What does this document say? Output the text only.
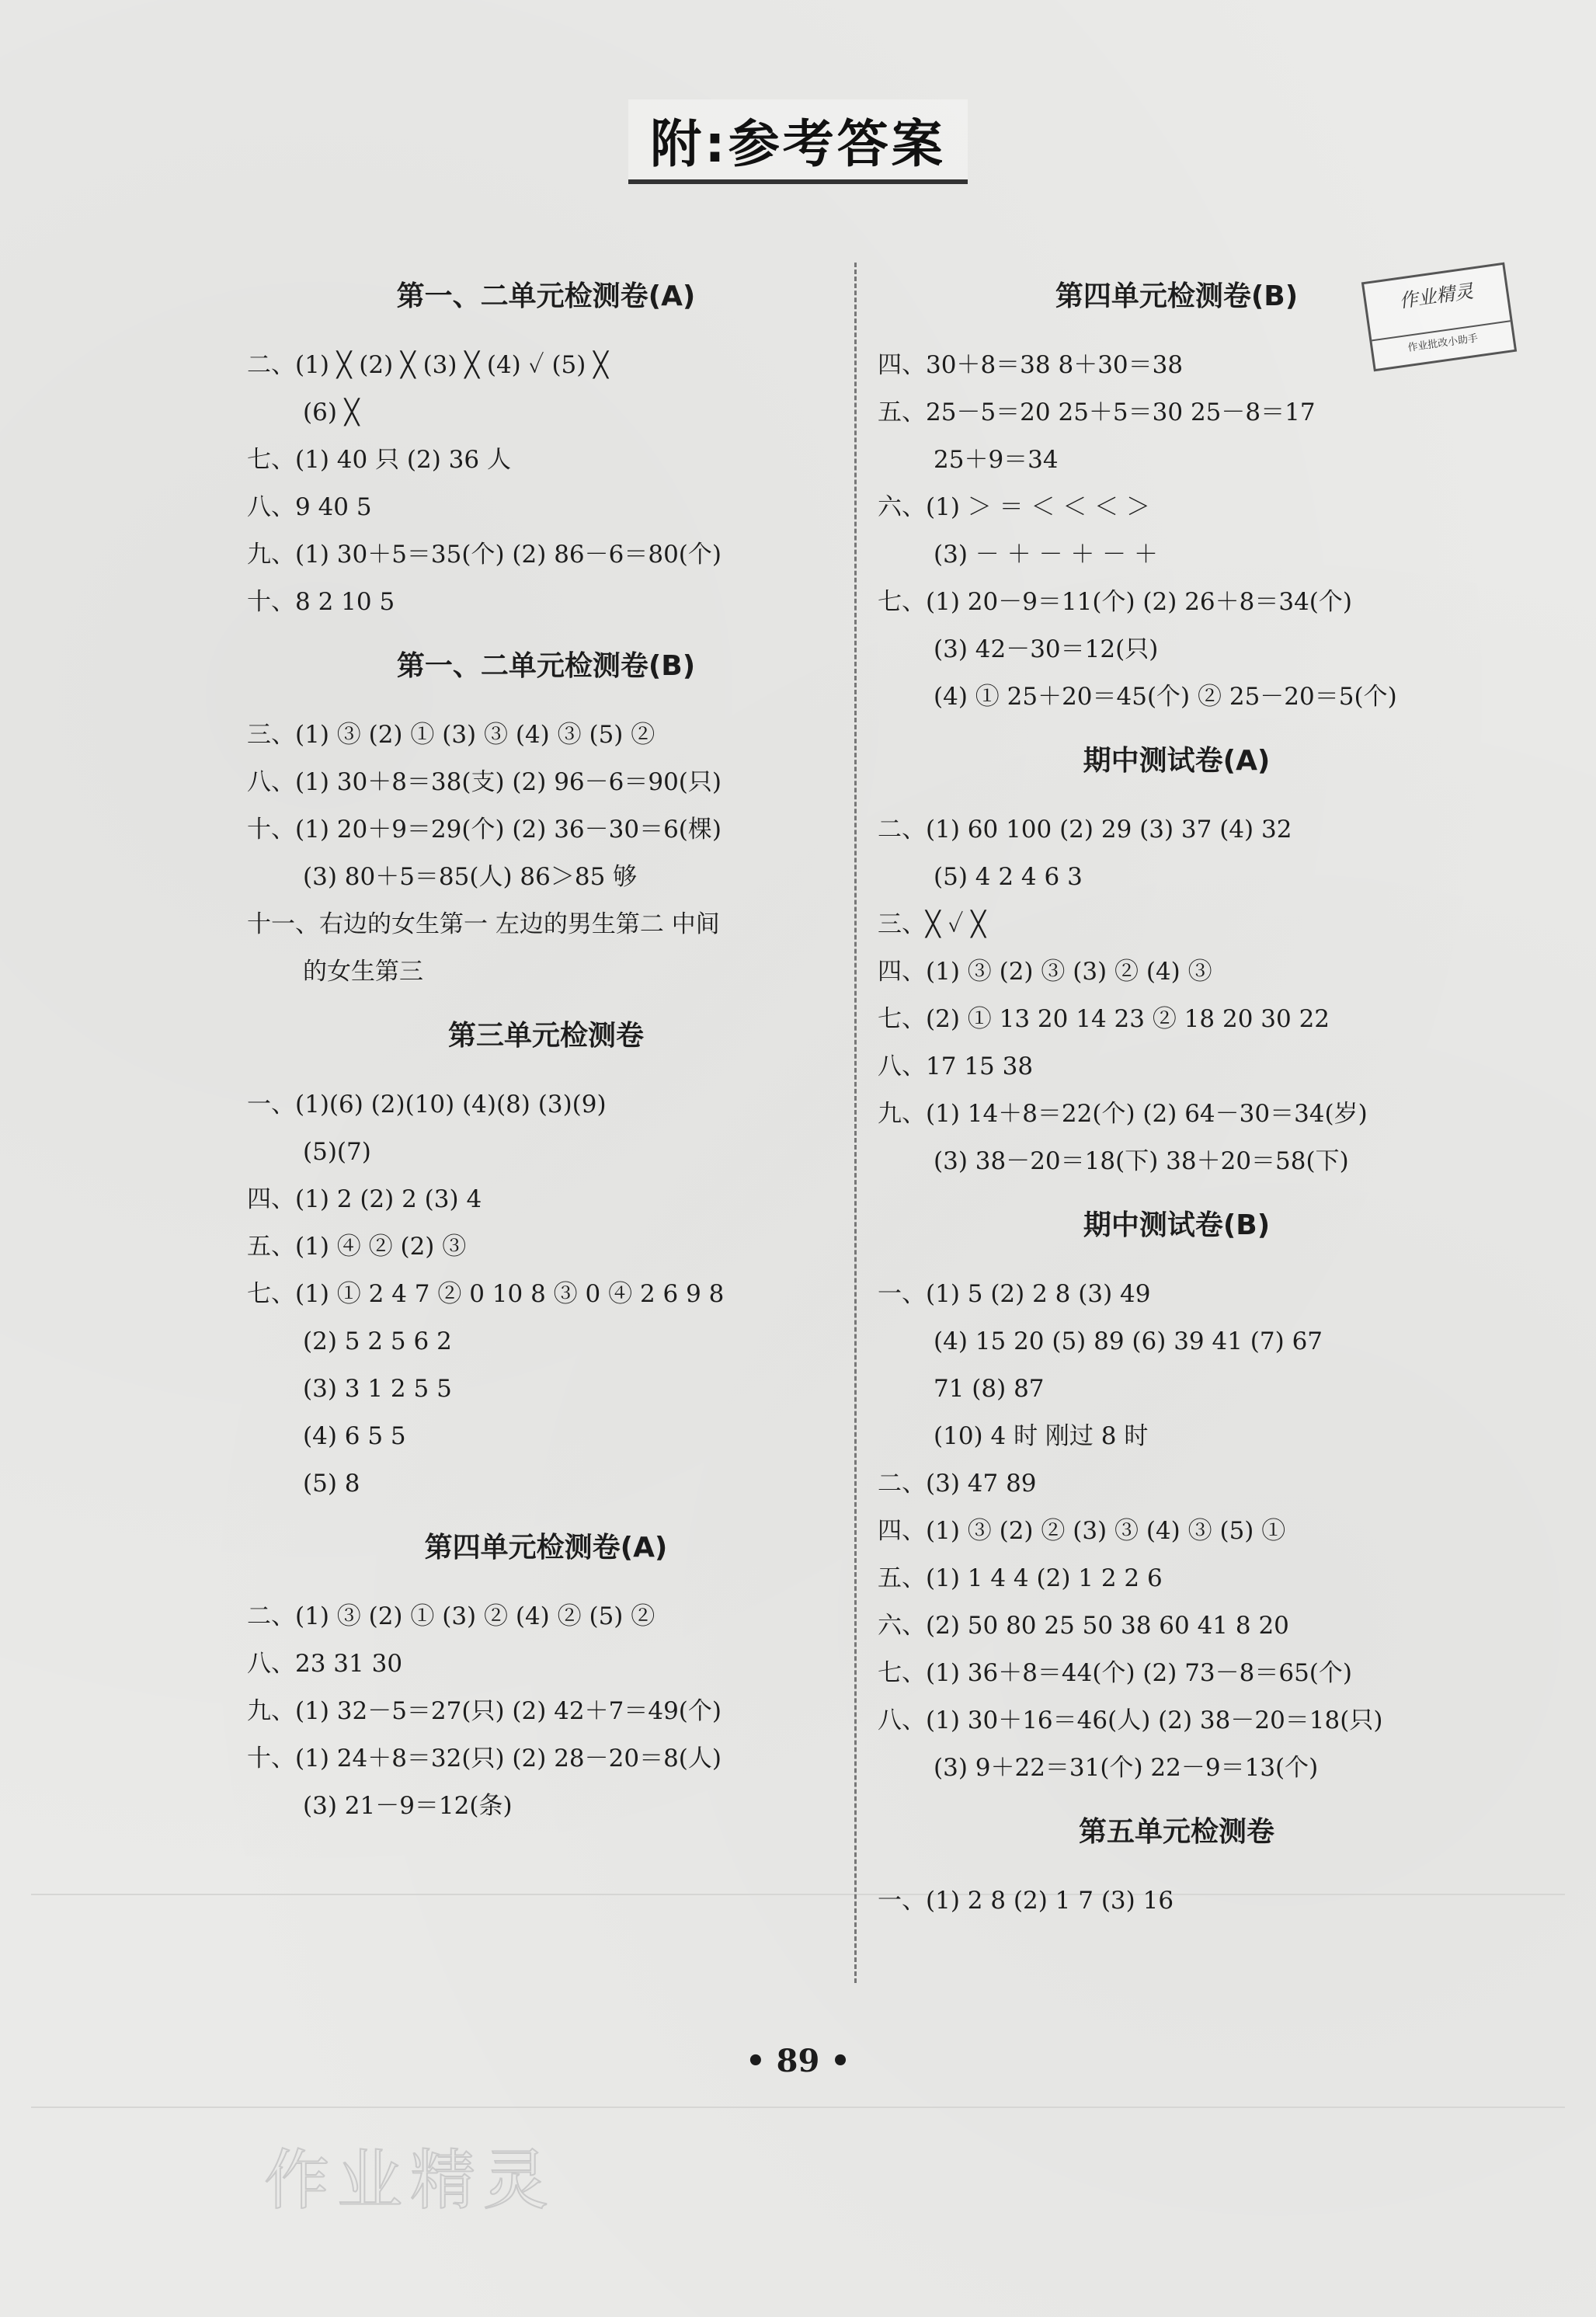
附:参考答案
作业精灵
作业批改小助手
第一、二单元检测卷(A)
二、(1) ╳ (2) ╳ (3) ╳ (4) ✓ (5) ╳
(6) ╳
七、(1) 40 只 (2) 36 人
八、9 40 5
九、(1) 30＋5＝35(个) (2) 86－6＝80(个)
十、8 2 10 5
第一、二单元检测卷(B)
三、(1) ③ (2) ① (3) ③ (4) ③ (5) ②
八、(1) 30＋8＝38(支) (2) 96－6＝90(只)
十、(1) 20＋9＝29(个) (2) 36－30＝6(棵)
(3) 80＋5＝85(人) 86＞85 够
十一、右边的女生第一 左边的男生第二 中间
的女生第三
第三单元检测卷
一、(1)(6) (2)(10) (4)(8) (3)(9)
(5)(7)
四、(1) 2 (2) 2 (3) 4
五、(1) ④ ② (2) ③
七、(1) ① 2 4 7 ② 0 10 8 ③ 0 ④ 2 6 9 8
(2) 5 2 5 6 2
(3) 3 1 2 5 5
(4) 6 5 5
(5) 8
第四单元检测卷(A)
二、(1) ③ (2) ① (3) ② (4) ② (5) ②
八、23 31 30
九、(1) 32－5＝27(只) (2) 42＋7＝49(个)
十、(1) 24＋8＝32(只) (2) 28－20＝8(人)
(3) 21－9＝12(条)
第四单元检测卷(B)
四、30＋8＝38 8＋30＝38
五、25－5＝20 25＋5＝30 25－8＝17
25＋9＝34
六、(1) ＞ ＝ ＜ ＜ ＜ ＞
(3) － ＋ － ＋ － ＋
七、(1) 20－9＝11(个) (2) 26＋8＝34(个)
(3) 42－30＝12(只)
(4) ① 25＋20＝45(个) ② 25－20＝5(个)
期中测试卷(A)
二、(1) 60 100 (2) 29 (3) 37 (4) 32
(5) 4 2 4 6 3
三、╳ ✓ ╳
四、(1) ③ (2) ③ (3) ② (4) ③
七、(2) ① 13 20 14 23 ② 18 20 30 22
八、17 15 38
九、(1) 14＋8＝22(个) (2) 64－30＝34(岁)
(3) 38－20＝18(下) 38＋20＝58(下)
期中测试卷(B)
一、(1) 5 (2) 2 8 (3) 49
(4) 15 20 (5) 89 (6) 39 41 (7) 67
71 (8) 87
(10) 4 时 刚过 8 时
二、(3) 47 89
四、(1) ③ (2) ② (3) ③ (4) ③ (5) ①
五、(1) 1 4 4 (2) 1 2 2 6
六、(2) 50 80 25 50 38 60 41 8 20
七、(1) 36＋8＝44(个) (2) 73－8＝65(个)
八、(1) 30＋16＝46(人) (2) 38－20＝18(只)
(3) 9＋22＝31(个) 22－9＝13(个)
第五单元检测卷
一、(1) 2 8 (2) 1 7 (3) 16
• 89 •
作业精灵
